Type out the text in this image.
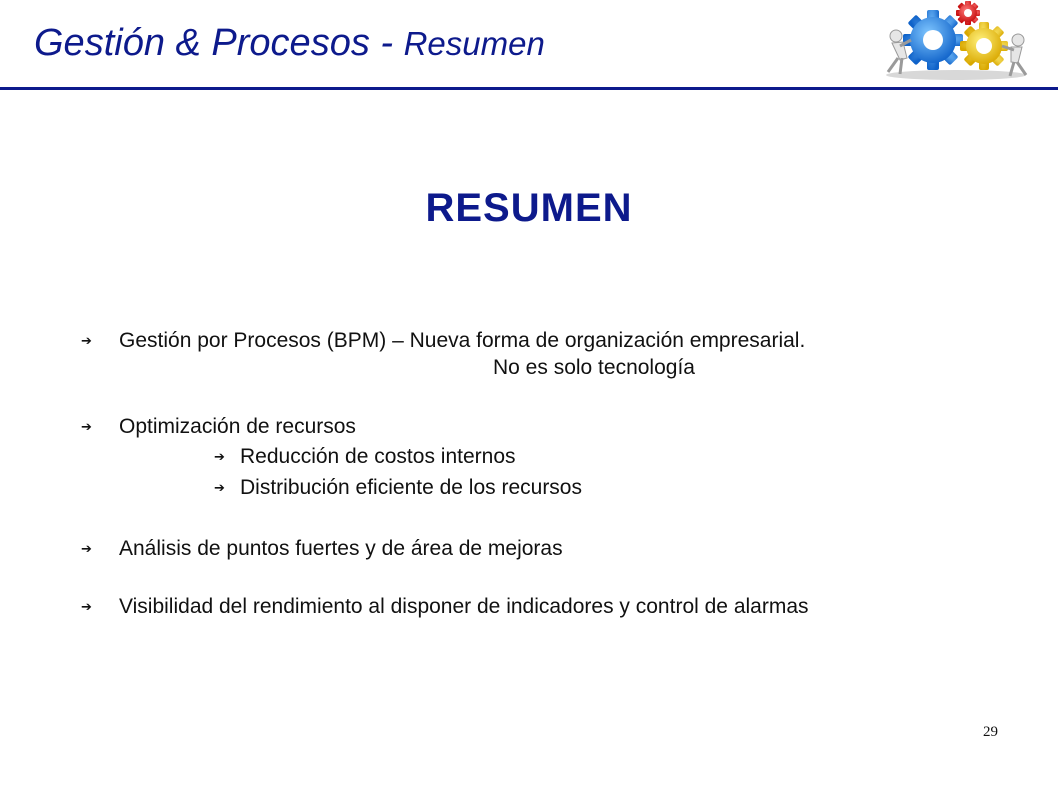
Gestión & Procesos - Resumen
RESUMEN
➔ Gestión por Procesos (BPM) – Nueva forma de organización empresarial.
No es solo tecnología
➔ Optimización de recursos
➔ Reducción de costos internos
➔ Distribución eficiente de los recursos
➔ Análisis de puntos fuertes y de área de mejoras
➔ Visibilidad del rendimiento al disponer de indicadores y control de alarmas
29
